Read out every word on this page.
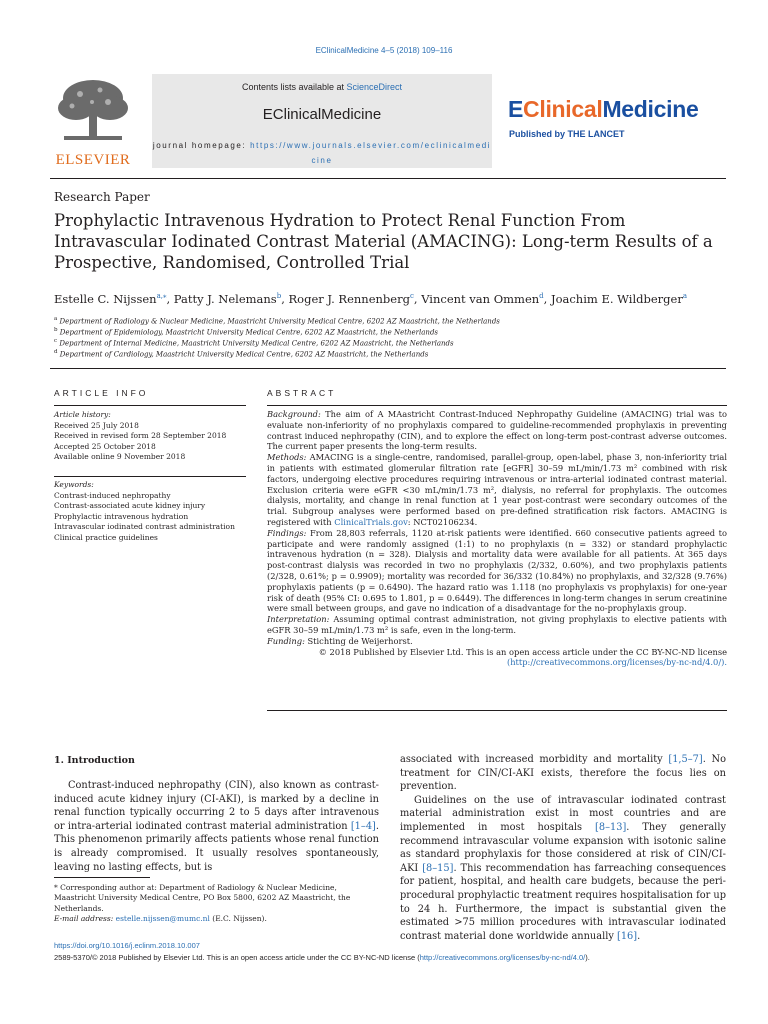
EClinicalMedicine 4–5 (2018) 109–116
Contents lists available at ScienceDirect
EClinicalMedicine
journal homepage: https://www.journals.elsevier.com/eclinicalmedicine
ELSEVIER
EClinicalMedicine
Published by THE LANCET
Research Paper
Prophylactic Intravenous Hydration to Protect Renal Function From Intravascular Iodinated Contrast Material (AMACING): Long-term Results of a Prospective, Randomised, Controlled Trial
Estelle C. Nijssen$^{a,⁎}$, Patty J. Nelemans$^b$, Roger J. Rennenberg$^c$, Vincent van Ommen$^d$, Joachim E. Wildberger$^a$
$^a$ Department of Radiology & Nuclear Medicine, Maastricht University Medical Centre, 6202 AZ Maastricht, the Netherlands
$^b$ Department of Epidemiology, Maastricht University Medical Centre, 6202 AZ Maastricht, the Netherlands
$^c$ Department of Internal Medicine, Maastricht University Medical Centre, 6202 AZ Maastricht, the Netherlands
$^d$ Department of Cardiology, Maastricht University Medical Centre, 6202 AZ Maastricht, the Netherlands
ARTICLE INFO	ABSTRACT
Article history:
Received 25 July 2018
Received in revised form 28 September 2018
Accepted 25 October 2018
Available online 9 November 2018
Keywords:
Contrast-induced nephropathy
Contrast-associated acute kidney injury
Prophylactic intravenous hydration
Intravascular iodinated contrast administration
Clinical practice guidelines

Background: The aim of A MAastricht Contrast-Induced Nephropathy Guideline (AMACING) trial was to evaluate non-inferiority of no prophylaxis compared to guideline-recommended prophylaxis in preventing contrast induced nephropathy (CIN), and to explore the effect on long-term post-contrast adverse outcomes. The current paper presents the long-term results.

Methods: AMACING is a single-centre, randomised, parallel-group, open-label, phase 3, non-inferiority trial in patients with estimated glomerular filtration rate [eGFR] 30–59 mL/min/1.73 m² combined with risk factors, undergoing elective procedures requiring intravenous or intra-arterial iodinated contrast material. Exclusion criteria were eGFR <30 mL/min/1.73 m², dialysis, no referral for prophylaxis. The outcomes dialysis, mortality, and change in renal function at 1 year post-contrast were secondary outcomes of the trial. Subgroup analyses were performed based on pre-defined stratification risk factors. AMACING is registered with ClinicalTrials.gov: NCT02106234.

Findings: From 28,803 referrals, 1120 at-risk patients were identified. 660 consecutive patients agreed to participate and were randomly assigned (1:1) to no prophylaxis (n = 332) or standard prophylactic intravenous hydration (n = 328). Dialysis and mortality data were available for all patients. At 365 days post-contrast dialysis was recorded in two no prophylaxis (2/332, 0.60%), and two prophylaxis patients (2/328, 0.61%; p = 0.9909); mortality was recorded for 36/332 (10.84%) no prophylaxis, and 32/328 (9.76%) prophylaxis patients (p = 0.6490). The hazard ratio was 1.118 (no prophylaxis vs prophylaxis) for one-year risk of death (95% CI: 0.695 to 1.801, p = 0.6449). The differences in long-term changes in serum creatinine were small between groups, and gave no indication of a disadvantage for the no-prophylaxis group.

Interpretation: Assuming optimal contrast administration, not giving prophylaxis to elective patients with eGFR 30–59 mL/min/1.73 m² is safe, even in the long-term.

Funding: Stichting de Weijerhorst.

© 2018 Published by Elsevier Ltd. This is an open access article under the CC BY-NC-ND license
(http://creativecommons.org/licenses/by-nc-nd/4.0/).

1. Introduction

Contrast-induced nephropathy (CIN), also known as contrast-induced acute kidney injury (CI-AKI), is marked by a decline in renal function typically occurring 2 to 5 days after intravenous or intra-arterial iodinated contrast material administration [1–4]. This phenomenon primarily affects patients whose renal function is already compromised. It usually resolves spontaneously, leaving no lasting effects, but is

associated with increased morbidity and mortality [1,5–7]. No treatment for CIN/CI-AKI exists, therefore the focus lies on prevention.

Guidelines on the use of intravascular iodinated contrast material administration exist in most countries and are implemented in most hospitals [8–13]. They generally recommend intravascular volume expansion with isotonic saline as standard prophylaxis for those considered at risk of CIN/CI-AKI [8–15]. This recommendation has farreaching consequences for patient, hospital, and health care budgets, because the peri-procedural prophylactic treatment requires hospitalisation for up to 24 h. Furthermore, the impact is substantial given the estimated >75 million procedures with intravascular iodinated contrast material done worldwide annually [16].

* Corresponding author at: Department of Radiology & Nuclear Medicine, Maastricht University Medical Centre, PO Box 5800, 6202 AZ Maastricht, the Netherlands.
E-mail address: estelle.nijssen@mumc.nl (E.C. Nijssen).
https://doi.org/10.1016/j.eclinm.2018.10.007
2589-5370/© 2018 Published by Elsevier Ltd. This is an open access article under the CC BY-NC-ND license (http://creativecommons.org/licenses/by-nc-nd/4.0/).
